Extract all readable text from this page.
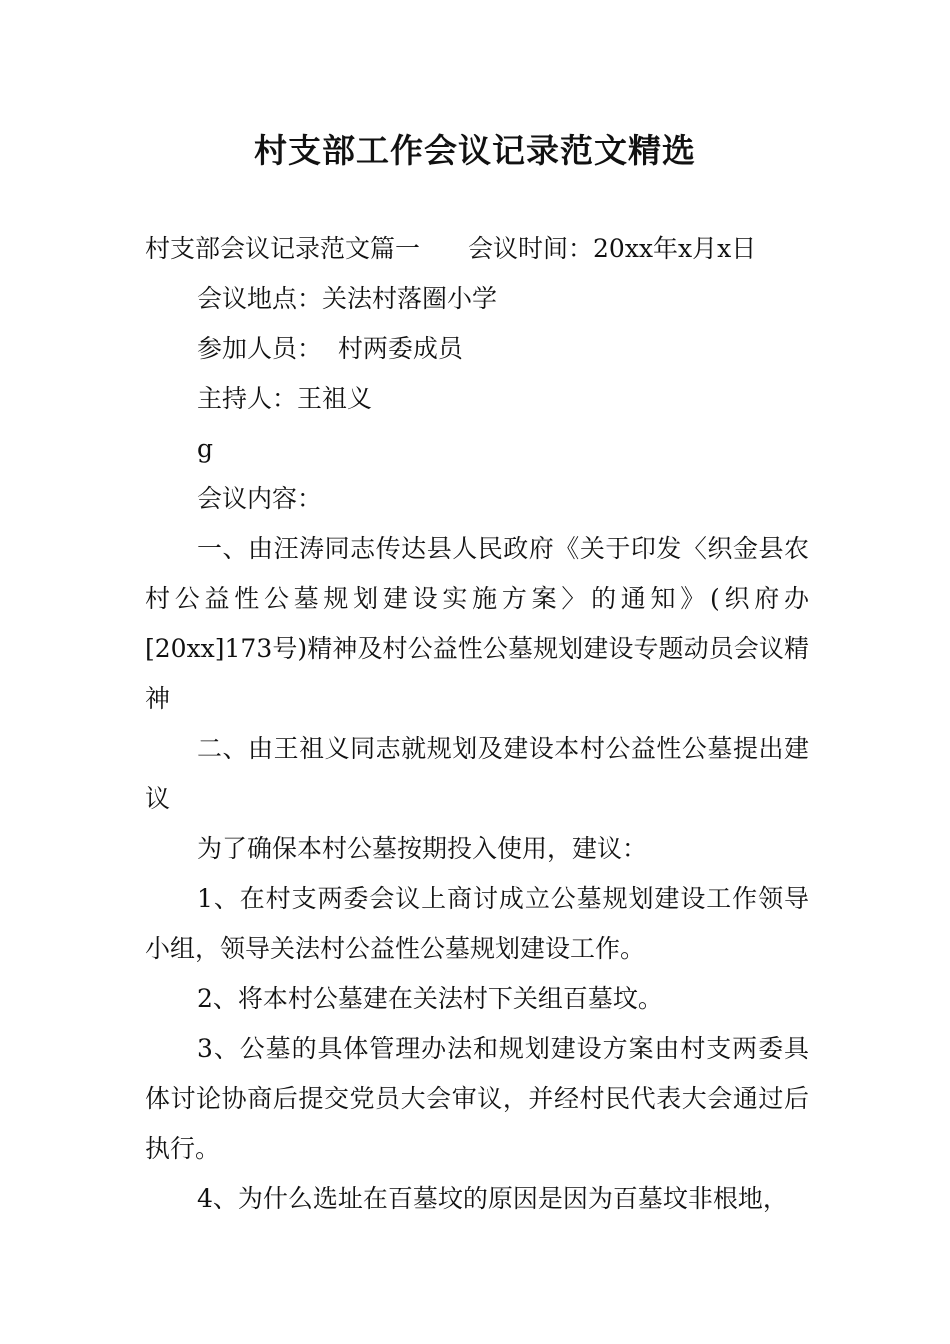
村支部工作会议记录范文精选
村支部会议记录范文篇一 会议时间：20xx年x月x日
会议地点：关法村落圈小学
参加人员：  村两委成员
主持人：王祖义
g
会议内容：
一、由汪涛同志传达县人民政府《关于印发〈织金县农村公益性公墓规划建设实施方案〉的通知》(织府办[20xx]173号)精神及村公益性公墓规划建设专题动员会议精神
二、由王祖义同志就规划及建设本村公益性公墓提出建议
为了确保本村公墓按期投入使用，建议：
1、在村支两委会议上商讨成立公墓规划建设工作领导小组，领导关法村公益性公墓规划建设工作。
2、将本村公墓建在关法村下关组百墓坟。
3、公墓的具体管理办法和规划建设方案由村支两委具体讨论协商后提交党员大会审议，并经村民代表大会通过后执行。
4、为什么选址在百墓坟的原因是因为百墓坟非根地，
